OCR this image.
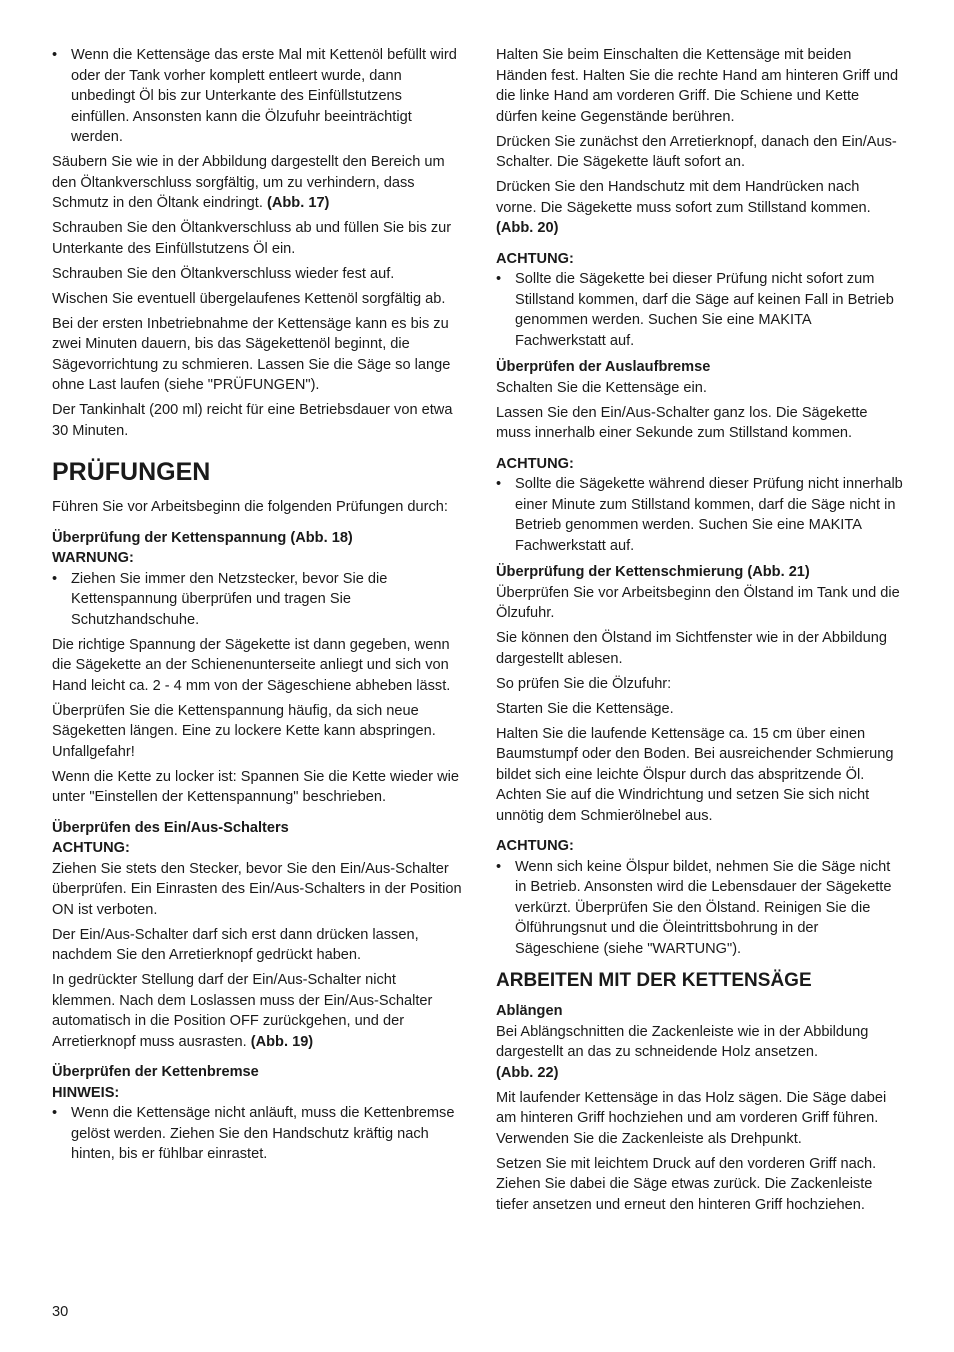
• Wenn die Kettensäge das erste Mal mit Kettenöl befüllt wird oder der Tank vorher komplett entleert wurde, dann unbedingt Öl bis zur Unterkante des Einfüllstutzens einfüllen. Ansonsten kann die Ölzufuhr beeinträchtigt werden.

Säubern Sie wie in der Abbildung dargestellt den Bereich um den Öltankverschluss sorgfältig, um zu verhindern, dass Schmutz in den Öltank eindringt. (Abb. 17)

Schrauben Sie den Öltankverschluss ab und füllen Sie bis zur Unterkante des Einfüllstutzens Öl ein.

Schrauben Sie den Öltankverschluss wieder fest auf.

Wischen Sie eventuell übergelaufenes Kettenöl sorgfältig ab.

Bei der ersten Inbetriebnahme der Kettensäge kann es bis zu zwei Minuten dauern, bis das Sägekettenöl beginnt, die Sägevorrichtung zu schmieren. Lassen Sie die Säge so lange ohne Last laufen (siehe "PRÜFUNGEN").

Der Tankinhalt (200 ml) reicht für eine Betriebsdauer von etwa 30 Minuten.

PRÜFUNGEN

Führen Sie vor Arbeitsbeginn die folgenden Prüfungen durch:

Überprüfung der Kettenspannung (Abb. 18)

WARNUNG:

• Ziehen Sie immer den Netzstecker, bevor Sie die Kettenspannung überprüfen und tragen Sie Schutzhandschuhe.

Die richtige Spannung der Sägekette ist dann gegeben, wenn die Sägekette an der Schienenunterseite anliegt und sich von Hand leicht ca. 2 - 4 mm von der Sägeschiene abheben lässt.

Überprüfen Sie die Kettenspannung häufig, da sich neue Sägeketten längen. Eine zu lockere Kette kann abspringen. Unfallgefahr!

Wenn die Kette zu locker ist: Spannen Sie die Kette wieder wie unter "Einstellen der Kettenspannung" beschrieben.

Überprüfen des Ein/Aus-Schalters

ACHTUNG:

Ziehen Sie stets den Stecker, bevor Sie den Ein/Aus-Schalter überprüfen. Ein Einrasten des Ein/Aus-Schalters in der Position ON ist verboten.

Der Ein/Aus-Schalter darf sich erst dann drücken lassen, nachdem Sie den Arretierknopf gedrückt haben.

In gedrückter Stellung darf der Ein/Aus-Schalter nicht klemmen. Nach dem Loslassen muss der Ein/Aus-Schalter automatisch in die Position OFF zurückgehen, und der Arretierknopf muss ausrasten. (Abb. 19)

Überprüfen der Kettenbremse

HINWEIS:

• Wenn die Kettensäge nicht anläuft, muss die Kettenbremse gelöst werden. Ziehen Sie den Handschutz kräftig nach hinten, bis er fühlbar einrastet.

Halten Sie beim Einschalten die Kettensäge mit beiden Händen fest. Halten Sie die rechte Hand am hinteren Griff und die linke Hand am vorderen Griff. Die Schiene und Kette dürfen keine Gegenstände berühren.

Drücken Sie zunächst den Arretierknopf, danach den Ein/Aus-Schalter. Die Sägekette läuft sofort an.

Drücken Sie den Handschutz mit dem Handrücken nach vorne. Die Sägekette muss sofort zum Stillstand kommen. (Abb. 20)

ACHTUNG:

• Sollte die Sägekette bei dieser Prüfung nicht sofort zum Stillstand kommen, darf die Säge auf keinen Fall in Betrieb genommen werden. Suchen Sie eine MAKITA Fachwerkstatt auf.

Überprüfen der Auslaufbremse

Schalten Sie die Kettensäge ein.

Lassen Sie den Ein/Aus-Schalter ganz los. Die Sägekette muss innerhalb einer Sekunde zum Stillstand kommen.

ACHTUNG:

• Sollte die Sägekette während dieser Prüfung nicht innerhalb einer Minute zum Stillstand kommen, darf die Säge nicht in Betrieb genommen werden. Suchen Sie eine MAKITA Fachwerkstatt auf.

Überprüfung der Kettenschmierung (Abb. 21)

Überprüfen Sie vor Arbeitsbeginn den Ölstand im Tank und die Ölzufuhr.

Sie können den Ölstand im Sichtfenster wie in der Abbildung dargestellt ablesen.

So prüfen Sie die Ölzufuhr:

Starten Sie die Kettensäge.

Halten Sie die laufende Kettensäge ca. 15 cm über einen Baumstumpf oder den Boden. Bei ausreichender Schmierung bildet sich eine leichte Ölspur durch das abspritzende Öl. Achten Sie auf die Windrichtung und setzen Sie sich nicht unnötig dem Schmierölnebel aus.

ACHTUNG:

• Wenn sich keine Ölspur bildet, nehmen Sie die Säge nicht in Betrieb. Ansonsten wird die Lebensdauer der Sägekette verkürzt. Überprüfen Sie den Ölstand. Reinigen Sie die Ölführungsnut und die Öleintrittsbohrung in der Sägeschiene (siehe "WARTUNG").
ARBEITEN MIT DER KETTENSÄGE

Ablängen

Bei Ablängschnitten die Zackenleiste wie in der Abbildung dargestellt an das zu schneidende Holz ansetzen.
(Abb. 22)

Mit laufender Kettensäge in das Holz sägen. Die Säge dabei am hinteren Griff hochziehen und am vorderen Griff führen. Verwenden Sie die Zackenleiste als Drehpunkt.

Setzen Sie mit leichtem Druck auf den vorderen Griff nach. Ziehen Sie dabei die Säge etwas zurück. Die Zackenleiste tiefer ansetzen und erneut den hinteren Griff hochziehen.

30
